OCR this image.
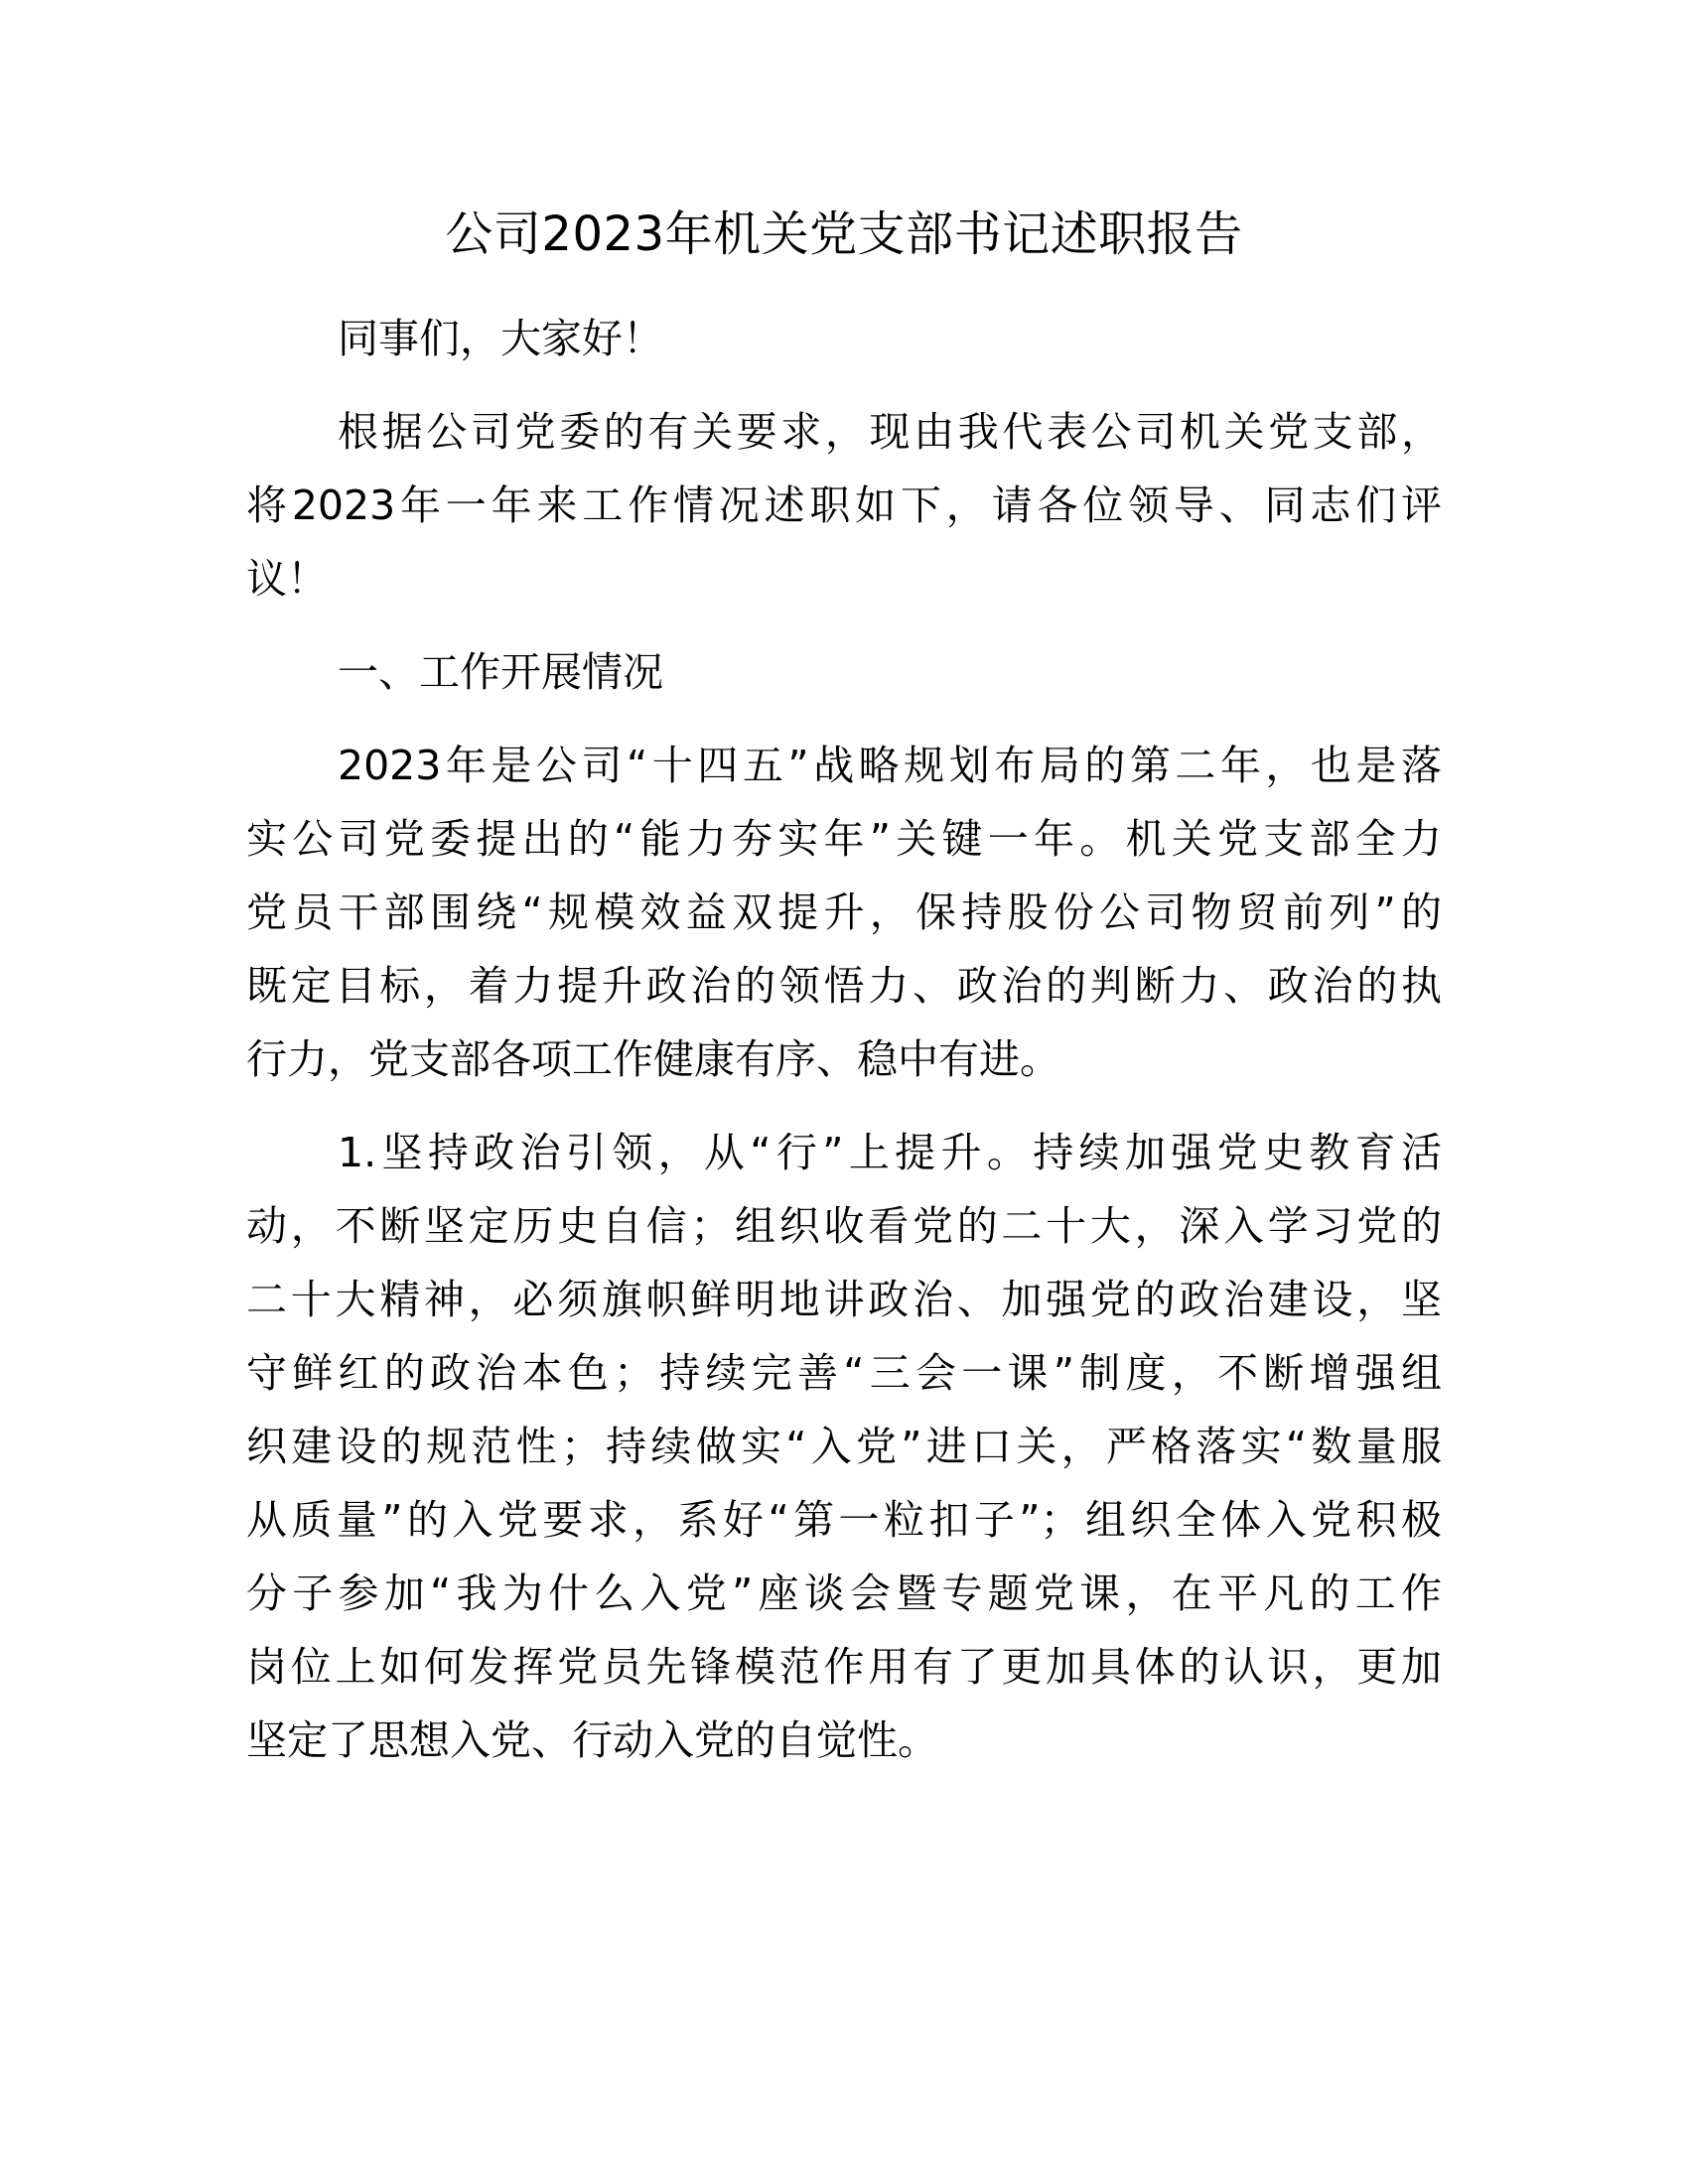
公司2023年机关党支部书记述职报告

同事们，大家好！

根据公司党委的有关要求，现由我代表公司机关党支部，
将2023年一年来工作情况述职如下，请各位领导、同志们评
议！

一、工作开展情况

2023年是公司“十四五”战略规划布局的第二年，也是落
实公司党委提出的“能力夯实年”关键一年。机关党支部全力
党员干部围绕“规模效益双提升，保持股份公司物贸前列”的
既定目标，着力提升政治的领悟力、政治的判断力、政治的执
行力，党支部各项工作健康有序、稳中有进。

1.坚持政治引领，从“行”上提升。持续加强党史教育活
动，不断坚定历史自信；组织收看党的二十大，深入学习党的
二十大精神，必须旗帜鲜明地讲政治、加强党的政治建设，坚
守鲜红的政治本色；持续完善“三会一课”制度，不断增强组
织建设的规范性；持续做实“入党”进口关，严格落实“数量服
从质量”的入党要求，系好“第一粒扣子”；组织全体入党积极
分子参加“我为什么入党”座谈会暨专题党课，在平凡的工作
岗位上如何发挥党员先锋模范作用有了更加具体的认识，更加
坚定了思想入党、行动入党的自觉性。
